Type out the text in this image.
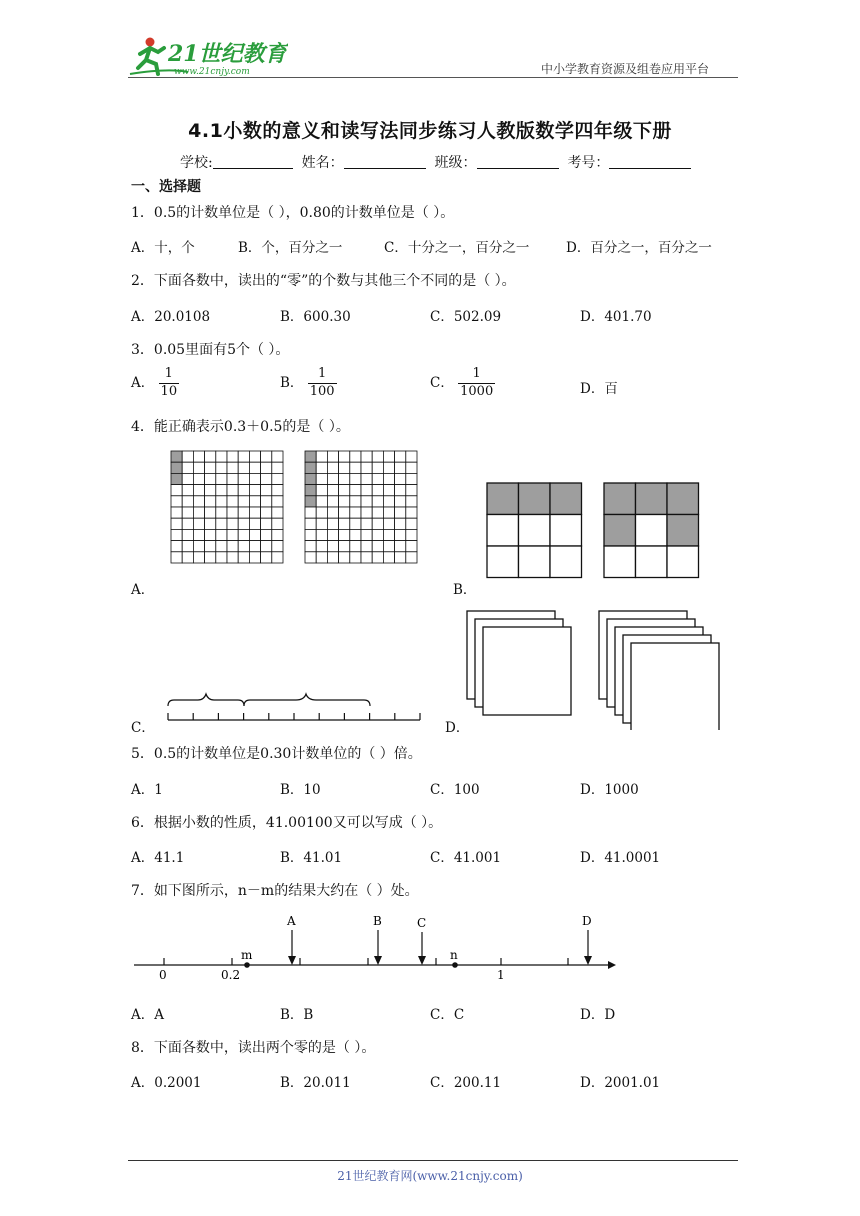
21世纪教育
www.21cnjy.com	中小学教育资源及组卷应用平台
4.1小数的意义和读写法同步练习人教版数学四年级下册
学校:	姓名：	班级：	考号：
一、选择题
1．0.5的计数单位是（ ），0.80的计数单位是（ ）。
A．十，个	B．个，百分之一	C．十分之一，百分之一	D．百分之一，百分之一
2．下面各数中，读出的“零”的个数与其他三个不同的是（ ）。
A．20.0108	B．600.30	C．502.09	D．401.70
3．0.05里面有5个（ ）。
A． $\frac{1}{10}$	B． $\frac{1}{100}$	C． $\frac{1}{1000}$	D．百
4．能正确表示0.3＋0.5的是（ ）。
A．	B．
C．	D．
5．0.5的计数单位是0.30计数单位的（ ）倍。
A．1	B．10	C．100	D．1000
6．根据小数的性质，41.00100又可以写成（ ）。
A．41.1	B．41.01	C．41.001	D．41.0001
7．如下图所示，n－m的结果大约在（ ）处。
0	0.2	1
m	n
A	B	C	D
A．A	B．B	C．C	D．D
8．下面各数中，读出两个零的是（ ）。
A．0.2001	B．20.011	C．200.11	D．2001.01
21世纪教育网(www.21cnjy.com)
